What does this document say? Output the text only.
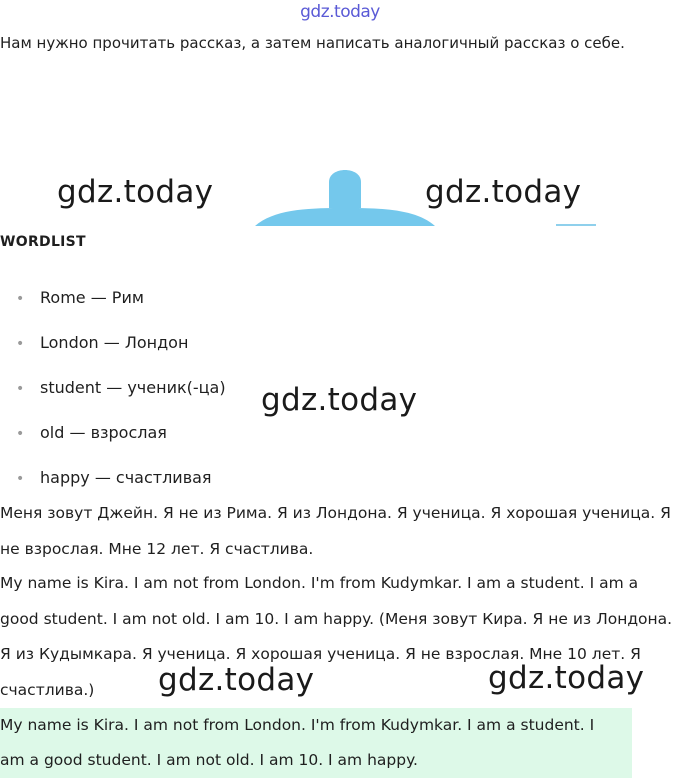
gdz.today
Нам нужно прочитать рассказ, а затем написать аналогичный рассказ о себе.
gdz.today	gdz.today
WORDLIST
• Rome — Рим
• London — Лондон
• student — ученик(-ца)
• old — взрослая
• happy — счастливая
gdz.today
Меня зовут Джейн. Я не из Рима. Я из Лондона. Я ученица. Я хорошая ученица. Я не взрослая. Мне 12 лет. Я счастлива.
My name is Kira. I am not from London. I'm from Kudymkar. I am a student. I am a good student. I am not old. I am 10. I am happy. (Меня зовут Кира. Я не из Лондона. Я из Кудымкара. Я ученица. Я хорошая ученица. Я не взрослая. Мне 10 лет. Я счастлива.)	gdz.today	gdz.today
My name is Kira. I am not from London. I'm from Kudymkar. I am a student. I am a good student. I am not old. I am 10. I am happy.
